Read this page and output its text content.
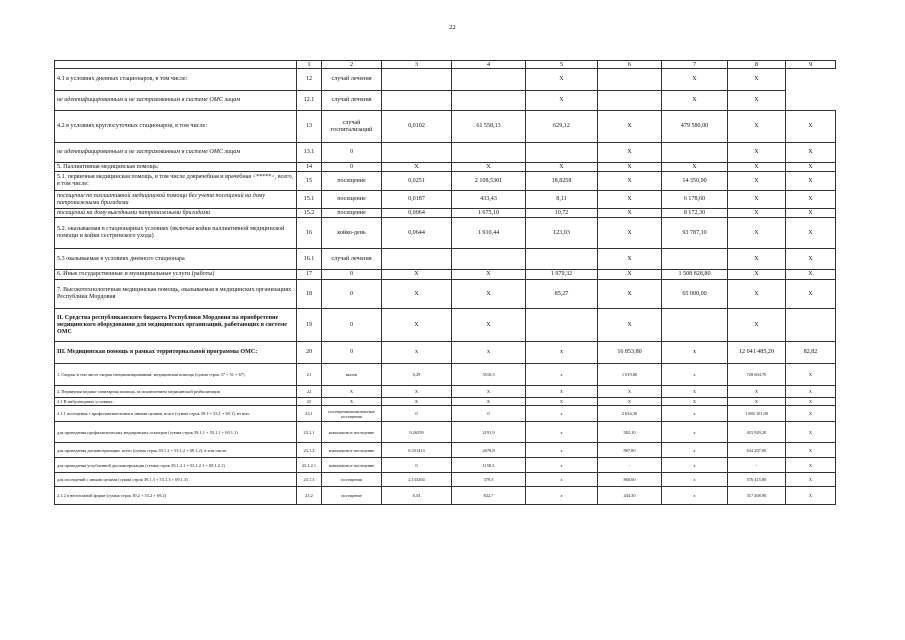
22
	1	2	3	4	5	6	7	8	9
4.1 в условиях дневных стационаров, в том числе:	12	случай лечения			X		X	X	
не идентифицированным и не застрахованным в системе ОМС лицам	12.1	случай лечения			X		X	X	
4.2 в условиях круглосуточных стационаров, в том числе:	13	случай госпитализаций	0,0102	61 558,13	629,12	X	479 580,00	X	X
не идентифицированным и не застрахованным в системе ОМС лицам	13.1	0				X		X	X
5. Паллиативная медицинская помощь:	14	0	X	X	X	X	X	X	X
5.1. первичная медицинская помощь, в том числе доврачебная и врачебная <*****>, всего, в том числе:	15	посещение	0,0251	2 108,5301	18,8258	X	14 350,90	X	X
посещение по паллиативной медицинской помощи без учета посещений на дому патронажными бригадами	15.1	посещение	0,0187	433,43	8,11	X	6 178,60	X	X
посещений на дому выездными патронажными бригадами	15.2	посещение	0,0064	1 675,10	10,72	X	8 172,30	X	X
5.2. оказываемая в стационарных условиях (включая койки паллиативной медицинской помощи и койки сестринского ухода)	16	койко-день	0,0644	1 910,44	123,03	X	93 787,10	X	X
5.3 оказываемая в условиях дневного стационара	16.1	случай лечения				X		X	X
6. Иные государственные и муниципальные услуги (работы)	17	0	X	X	1 979,32	X	1 508 828,80	X	X
7. Высокотехнологичная медицинская помощь, оказываемая в медицинских организациях Республики Мордовия	18	0	X	X	85,27	X	65 000,00	X	X
II. Средства республиканского бюджета Республики Мордовия на приобретение медицинского оборудования для медицинских организаций, работающих в системе ОМС	19	0	X	X		X		X	
III. Медицинская помощь в рамках территориальной программы ОМС:	20	0	x	x	x	16 853,80	x	12 041 485,20	82,82
1. Скорая, в том числе скорая специализированная, медицинская помощь (сумма строк 37 + 51 + 67)	21	вызов	0,29	3516,5	x	1 019,80	x	728 604,70	X
2. Первичная медико-санитарная помощь, за исключением медицинской реабилитации	22	X	X	X	X	X	X	X	X
2.1 В амбулаторных условиях:	23	X	X	X	X	X	X	X	X
2.1.1 посещения с профилактическими и иными целями, всего (сумма строк 39.1 + 53.1 + 69.1), из них:	23.1	посещения/комплексные посещения	0	0	x	2 634,30	x	1 882 101,00	X
для проведения профилактических медицинских осмотров (сумма строк 39.1.1 + 53.1.1 + 69.1.1)	23.1.1	комплексное посещение	0,26559	2191,9	x	582,10	x	415 929,20	X
для проведения диспансеризации, всего (сумма строк 39.1.2 + 53.1.2 + 69.1.2), в том числе:	23.1.2	комплексное посещение	0,331413	2678,8	x	887,80	x	634 207,00	X
для проведения углубленной диспансеризации (сумма строк 39.1.2.1 + 53.1.2.1 + 69.1.2.1)	23.1.2.1	комплексное посещение	0	1158,3	x	-	x	-	X
для посещений с иными целями (сумма строк 39.1.3 + 53.1.3 + 69.1.3)	23.1.3	посещения	2,133264	379,5	x	860,60	x	576 415,80	X
2.1.2 в неотложной форме (сумма строк 39.2 + 53.2 + 69.2)	23.2	посещение	0,54	822,7	x	444,30	x	317 408,90	X
